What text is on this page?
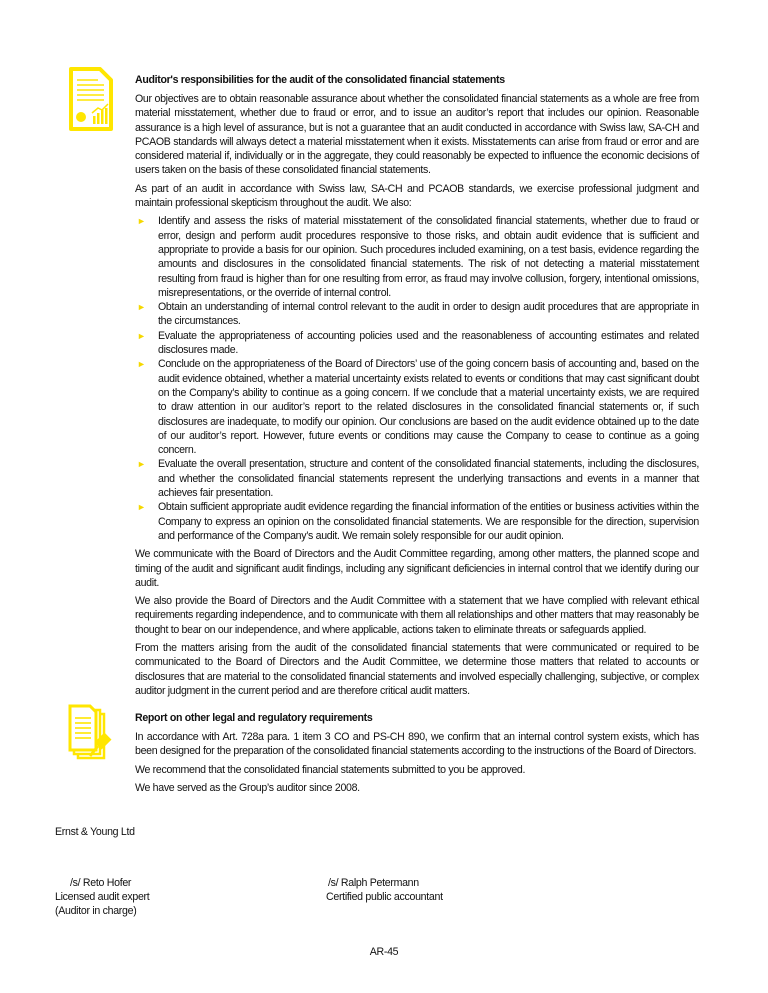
Auditor's responsibilities for the audit of the consolidated financial statements

Our objectives are to obtain reasonable assurance about whether the consolidated financial statements as a whole are free from material misstatement, whether due to fraud or error, and to issue an auditor’s report that includes our opinion. Reasonable assurance is a high level of assurance, but is not a guarantee that an audit conducted in accordance with Swiss law, SA-CH and PCAOB standards will always detect a material misstatement when it exists. Misstatements can arise from fraud or error and are considered material if, individually or in the aggregate, they could reasonably be expected to influence the economic decisions of users taken on the basis of these consolidated financial statements.

As part of an audit in accordance with Swiss law, SA-CH and PCAOB standards, we exercise professional judgment and maintain professional skepticism throughout the audit. We also:

► Identify and assess the risks of material misstatement of the consolidated financial statements, whether due to fraud or error, design and perform audit procedures responsive to those risks, and obtain audit evidence that is sufficient and appropriate to provide a basis for our opinion. Such procedures included examining, on a test basis, evidence regarding the amounts and disclosures in the consolidated financial statements. The risk of not detecting a material misstatement resulting from fraud is higher than for one resulting from error, as fraud may involve collusion, forgery, intentional omissions, misrepresentations, or the override of internal control.
► Obtain an understanding of internal control relevant to the audit in order to design audit procedures that are appropriate in the circumstances.
► Evaluate the appropriateness of accounting policies used and the reasonableness of accounting estimates and related disclosures made.
► Conclude on the appropriateness of the Board of Directors’ use of the going concern basis of accounting and, based on the audit evidence obtained, whether a material uncertainty exists related to events or conditions that may cast significant doubt on the Company’s ability to continue as a going concern. If we conclude that a material uncertainty exists, we are required to draw attention in our auditor’s report to the related disclosures in the consolidated financial statements or, if such disclosures are inadequate, to modify our opinion. Our conclusions are based on the audit evidence obtained up to the date of our auditor’s report. However, future events or conditions may cause the Company to cease to continue as a going concern.
► Evaluate the overall presentation, structure and content of the consolidated financial statements, including the disclosures, and whether the consolidated financial statements represent the underlying transactions and events in a manner that achieves fair presentation.
► Obtain sufficient appropriate audit evidence regarding the financial information of the entities or business activities within the Company to express an opinion on the consolidated financial statements. We are responsible for the direction, supervision and performance of the Company’s audit. We remain solely responsible for our audit opinion.

We communicate with the Board of Directors and the Audit Committee regarding, among other matters, the planned scope and timing of the audit and significant audit findings, including any significant deficiencies in internal control that we identify during our audit.

We also provide the Board of Directors and the Audit Committee with a statement that we have complied with relevant ethical requirements regarding independence, and to communicate with them all relationships and other matters that may reasonably be thought to bear on our independence, and where applicable, actions taken to eliminate threats or safeguards applied.

From the matters arising from the audit of the consolidated financial statements that were communicated or required to be communicated to the Board of Directors and the Audit Committee, we determine those matters that related to accounts or disclosures that are material to the consolidated financial statements and involved especially challenging, subjective, or complex auditor judgment in the current period and are therefore critical audit matters.

Report on other legal and regulatory requirements

In accordance with Art. 728a para. 1 item 3 CO and PS-CH 890, we confirm that an internal control system exists, which has been designed for the preparation of the consolidated financial statements according to the instructions of the Board of Directors.

We recommend that the consolidated financial statements submitted to you be approved.

We have served as the Group’s auditor since 2008.

Ernst & Young Ltd
/s/ Reto Hofer
Licensed audit expert
(Auditor in charge)
/s/ Ralph Petermann
Certified public accountant
AR-45
